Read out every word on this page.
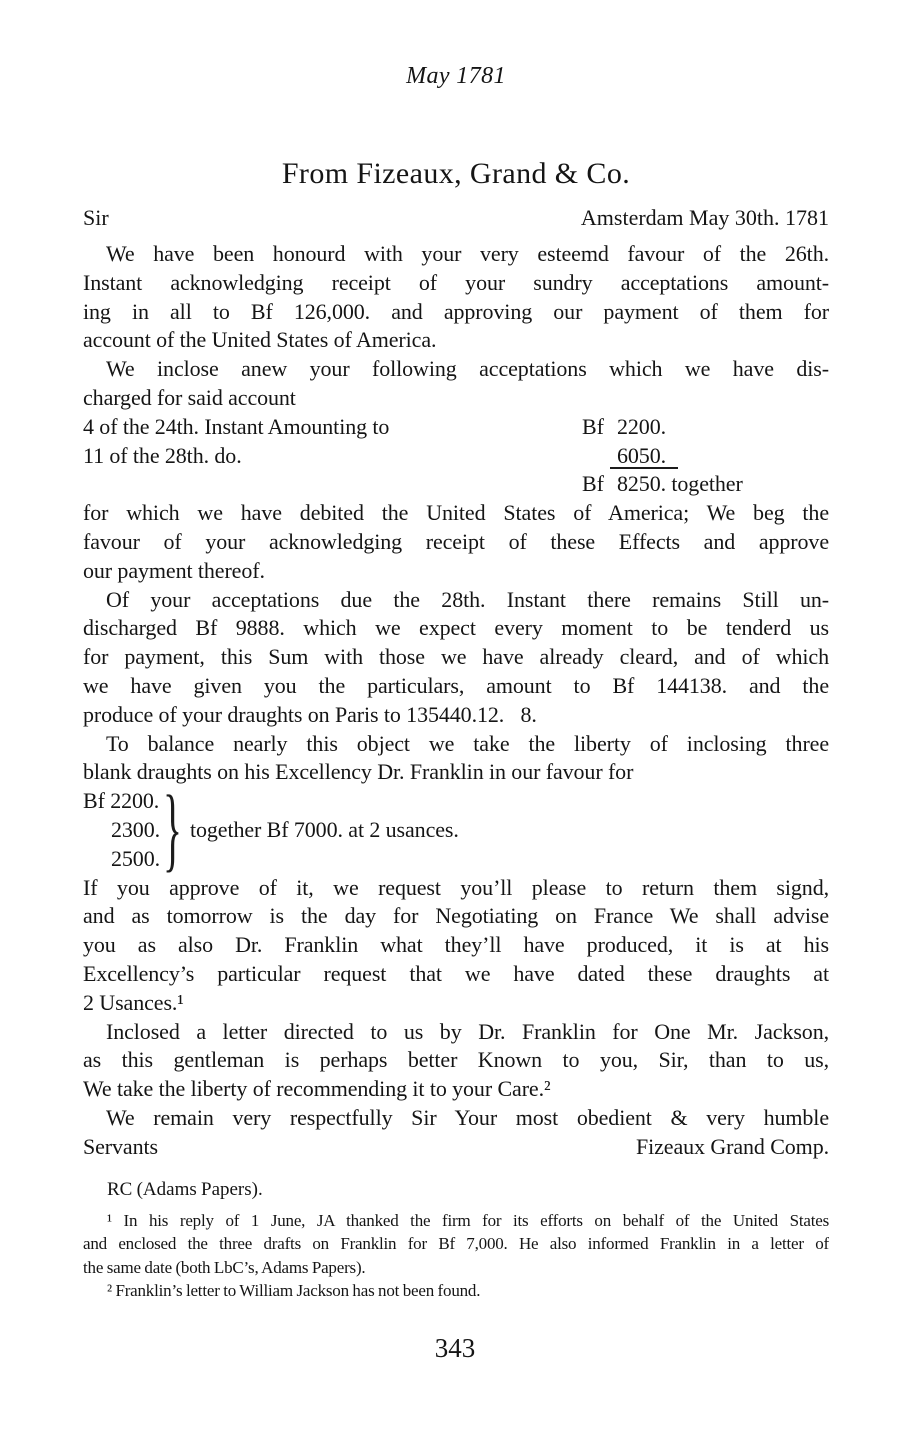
May 1781
From Fizeaux, Grand & Co.
Sir	Amsterdam May 30th. 1781
We have been honourd with your very esteemd favour of the 26th.
Instant acknowledging receipt of your sundry acceptations amount-
ing in all to Bf 126,000. and approving our payment of them for
account of the United States of America.
We inclose anew your following acceptations which we have dis-
charged for said account
4 of the 24th. Instant Amounting to	Bf 2200.
11 of the 28th. do.	6050.
Bf 8250. together
for which we have debited the United States of America; We beg the
favour of your acknowledging receipt of these Effects and approve
our payment thereof.
Of your acceptations due the 28th. Instant there remains Still un-
discharged Bf 9888. which we expect every moment to be tenderd us
for payment, this Sum with those we have already cleard, and of which
we have given you the particulars, amount to Bf 144138. and the
produce of your draughts on Paris to 135440.12.  8.
To balance nearly this object we take the liberty of inclosing three
blank draughts on his Excellency Dr. Franklin in our favour for
Bf 2200.
2300.
2500. } together Bf 7000. at 2 usances.
If you approve of it, we request you’ll please to return them signd,
and as tomorrow is the day for Negotiating on France We shall advise
you as also Dr. Franklin what they’ll have produced, it is at his
Excellency’s particular request that we have dated these draughts at
2 Usances.¹
Inclosed a letter directed to us by Dr. Franklin for One Mr. Jackson,
as this gentleman is perhaps better Known to you, Sir, than to us,
We take the liberty of recommending it to your Care.²
We remain very respectfully Sir Your most obedient & very humble
Servants	Fizeaux Grand Comp.
RC (Adams Papers).
¹ In his reply of 1 June, JA thanked the firm for its efforts on behalf of the United States
and enclosed the three drafts on Franklin for Bf 7,000. He also informed Franklin in a letter of
the same date (both LbC’s, Adams Papers).
² Franklin’s letter to William Jackson has not been found.
343
